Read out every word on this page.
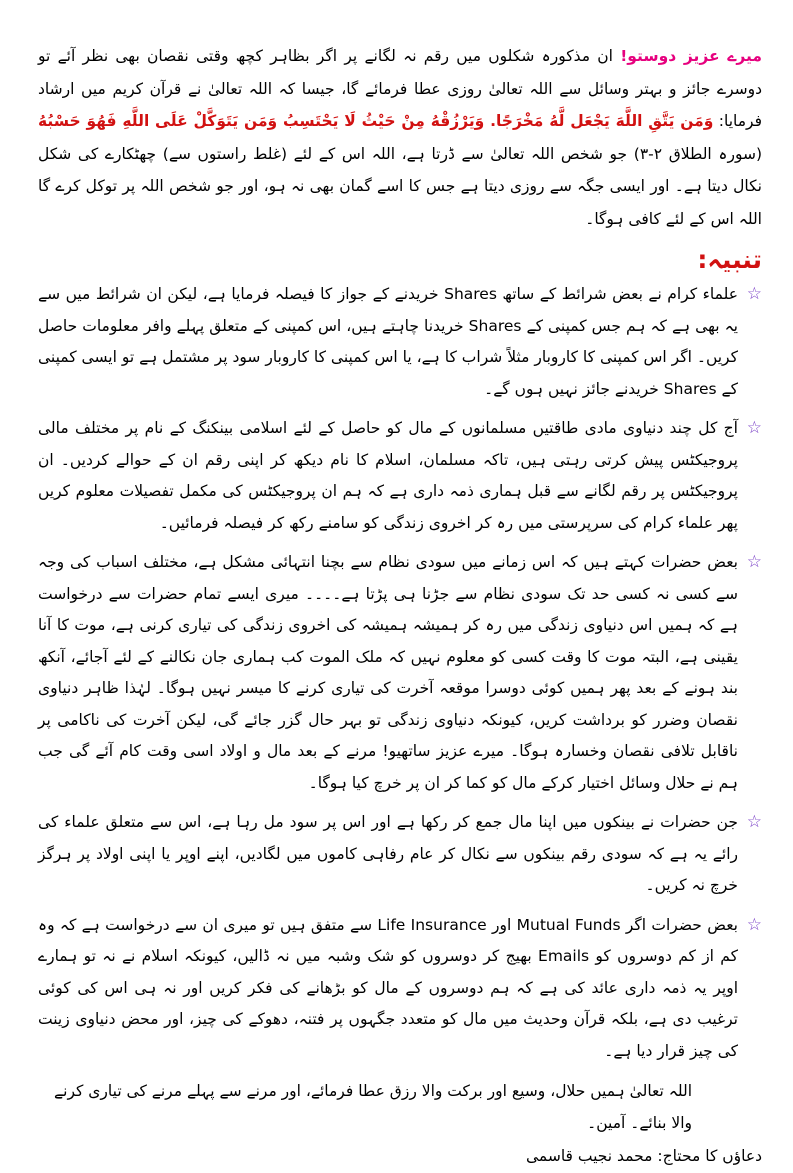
میرے عزیز دوستو! ان مذکورہ شکلوں میں رقم نہ لگانے پر اگر بظاہر کچھ وقتی نقصان بھی نظر آئے تو دوسرے جائز و بہتر وسائل سے اللہ تعالیٰ روزی عطا فرمائے گا، جیسا کہ اللہ تعالیٰ نے قرآن کریم میں ارشاد فرمایا: وَمَن يَتَّقِ اللَّهَ يَجْعَل لَّهُ مَخْرَجًا. وَيَرْزُقْهُ مِنْ حَيْثُ لَا يَحْتَسِبُ وَمَن يَتَوَكَّلْ عَلَى اللَّهِ فَهُوَ حَسْبُهُ (سورہ الطلاق ۲-۳) جو شخص اللہ تعالیٰ سے ڈرتا ہے، اللہ اس کے لئے (غلط راستوں سے) چھٹکارے کی شکل نکال دیتا ہے۔ اور ایسی جگہ سے روزی دیتا ہے جس کا اسے گمان بھی نہ ہو، اور جو شخص اللہ پر توکل کرے گا اللہ اس کے لئے کافی ہوگا۔

تنبیہ:
☆
علماء کرام نے بعض شرائط کے ساتھ Shares خریدنے کے جواز کا فیصلہ فرمایا ہے، لیکن ان شرائط میں سے یہ بھی ہے کہ ہم جس کمپنی کے Shares خریدنا چاہتے ہیں، اس کمپنی کے متعلق پہلے وافر معلومات حاصل کریں۔ اگر اس کمپنی کا کاروبار مثلاً شراب کا ہے، یا اس کمپنی کا کاروبار سود پر مشتمل ہے تو ایسی کمپنی کے Shares خریدنے جائز نہیں ہوں گے۔
☆
آج کل چند دنیاوی مادی طاقتیں مسلمانوں کے مال کو حاصل کے لئے اسلامی بینکنگ کے نام پر مختلف مالی پروجیکٹس پیش کرتی رہتی ہیں، تاکہ مسلمان، اسلام کا نام دیکھ کر اپنی رقم ان کے حوالے کردیں۔ ان پروجیکٹس پر رقم لگانے سے قبل ہماری ذمہ داری ہے کہ ہم ان پروجیکٹس کی مکمل تفصیلات معلوم کریں پھر علماء کرام کی سرپرستی میں رہ کر اخروی زندگی کو سامنے رکھ کر فیصلہ فرمائیں۔
☆
بعض حضرات کہتے ہیں کہ اس زمانے میں سودی نظام سے بچنا انتہائی مشکل ہے، مختلف اسباب کی وجہ سے کسی نہ کسی حد تک سودی نظام سے جڑنا ہی پڑتا ہے۔۔۔۔ میری ایسے تمام حضرات سے درخواست ہے کہ ہمیں اس دنیاوی زندگی میں رہ کر ہمیشہ ہمیشہ کی اخروی زندگی کی تیاری کرنی ہے، موت کا آنا یقینی ہے، البتہ موت کا وقت کسی کو معلوم نہیں کہ ملک الموت کب ہماری جان نکالنے کے لئے آجائے، آنکھ بند ہونے کے بعد پھر ہمیں کوئی دوسرا موقعہ آخرت کی تیاری کرنے کا میسر نہیں ہوگا۔ لہٰذا ظاہر دنیاوی نقصان وضرر کو برداشت کریں، کیونکہ دنیاوی زندگی تو بہر حال گزر جائے گی، لیکن آخرت کی ناکامی پر ناقابل تلافی نقصان وخسارہ ہوگا۔ میرے عزیز ساتھیو! مرنے کے بعد مال و اولاد اسی وقت کام آئے گی جب ہم نے حلال وسائل اختیار کرکے مال کو کما کر ان پر خرچ کیا ہوگا۔
☆
جن حضرات نے بینکوں میں اپنا مال جمع کر رکھا ہے اور اس پر سود مل رہا ہے، اس سے متعلق علماء کی رائے یہ ہے کہ سودی رقم بینکوں سے نکال کر عام رفاہی کاموں میں لگادیں، اپنے اوپر یا اپنی اولاد پر ہرگز خرچ نہ کریں۔
☆
بعض حضرات اگر Mutual Funds اور Life Insurance سے متفق ہیں تو میری ان سے درخواست ہے کہ وہ کم از کم دوسروں کو Emails بھیج کر دوسروں کو شک وشبہ میں نہ ڈالیں، کیونکہ اسلام نے نہ تو ہمارے اوپر یہ ذمہ داری عائد کی ہے کہ ہم دوسروں کے مال کو بڑھانے کی فکر کریں اور نہ ہی اس کی کوئی ترغیب دی ہے، بلکہ قرآن وحدیث میں مال کو متعدد جگہوں پر فتنہ، دھوکے کی چیز، اور محض دنیاوی زینت کی چیز قرار دیا ہے۔

اللہ تعالیٰ ہمیں حلال، وسیع اور برکت والا رزق عطا فرمائے، اور مرنے سے پہلے مرنے کی تیاری کرنے والا بنائے۔ آمین۔

دعاؤں کا محتاج: محمد نجیب قاسمی
